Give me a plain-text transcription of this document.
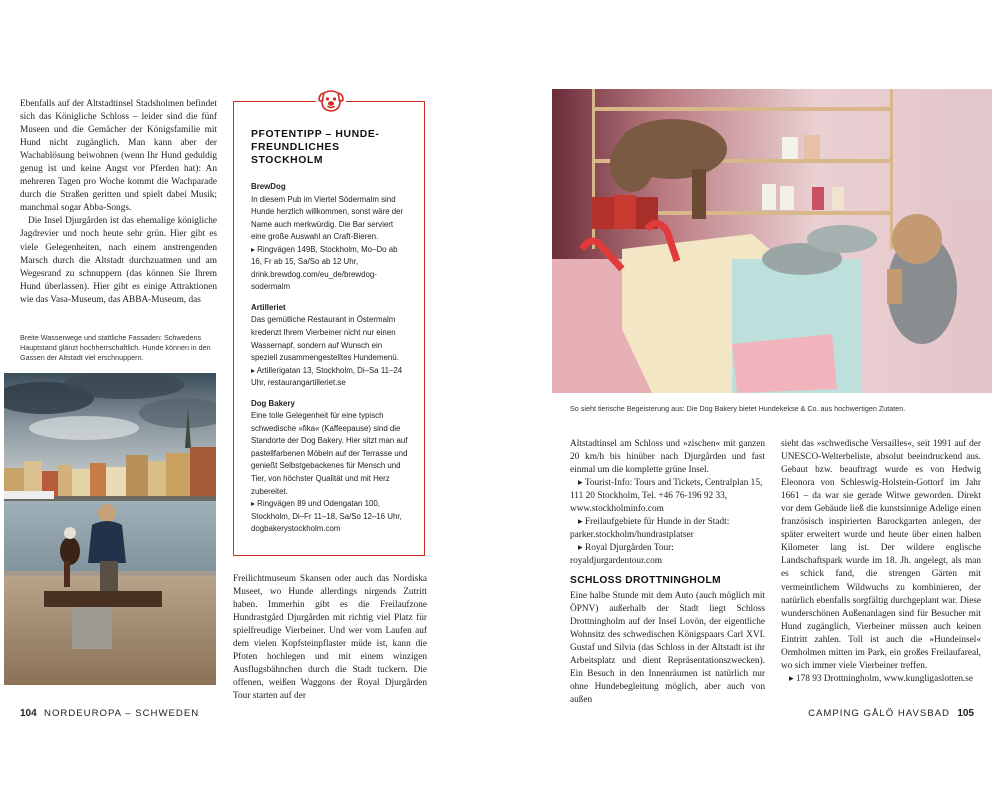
Ebenfalls auf der Altstadtinsel Stadsholmen befindet sich das Königliche Schloss – leider sind die fünf Museen und die Gemächer der Königsfamilie mit Hund nicht zugänglich. Man kann aber der Wachablösung beiwohnen (wenn Ihr Hund geduldig genug ist und keine Angst vor Pferden hat): An mehreren Tagen pro Woche kommt die Wachparade durch die Straßen geritten und spielt dabei Musik; manchmal sogar Abba-Songs.

Die Insel Djurgården ist das ehemalige königliche Jagdrevier und noch heute sehr grün. Hier gibt es viele Gelegenheiten, nach einem anstrengenden Marsch durch die Altstadt durchzuatmen und am Wegesrand zu schnuppern (das können Sie Ihrem Hund überlassen). Hier gibt es einige Attraktionen wie das Vasa-Museum, das ABBA-Museum, das

Breite Wasserwege und stattliche Fassaden: Schwedens Hauptstand glänzt hochherrschaftlich. Hunde können in den Gassen der Altstadt viel erschnuppern.

PFOTENTIPP – HUNDE-FREUNDLICHES STOCKHOLM

BrewDog

In diesem Pub im Viertel Södermalm sind Hunde herzlich willkommen, sonst wäre der Name auch merkwürdig. Die Bar serviert eine große Auswahl an Craft-Bieren.

▸ Ringvägen 149B, Stockholm, Mo–Do ab 16, Fr ab 15, Sa/So ab 12 Uhr, drink.brewdog.com/eu_de/brewdog-sodermalm

Artilleriet

Das gemütliche Restaurant in Östermalm kredenzt Ihrem Vierbeiner nicht nur einen Wassernapf, sondern auf Wunsch ein speziell zusammengestelltes Hundemenü.

▸ Artillerigatan 13, Stockholm, Di–Sa 11–24 Uhr, restaurangartilleriet.se

Dog Bakery

Eine tolle Gelegenheit für eine typisch schwedische »fika« (Kaffeepause) sind die Standorte der Dog Bakery. Hier sitzt man auf pastellfarbenen Möbeln auf der Terrasse und genießt Selbstgebackenes für Mensch und Tier, von höchster Qualität und mit Herz zubereitet.

▸ Ringvägen 89 und Odengatan 100, Stockholm, Di–Fr 11–18, Sa/So 12–16 Uhr, dogbakerystockholm.com

Freilichtmuseum Skansen oder auch das Nordiska Museet, wo Hunde allerdings nirgends Zutritt haben. Immerhin gibt es die Freilaufzone Hundrastgård Djurgården mit richtig viel Platz für spielfreudige Vierbeiner. Und wer vom Laufen auf dem vielen Kopfsteinpflaster müde ist, kann die Pfoten hochlegen und mit einem winzigen Ausflugsbähnchen durch die Stadt tuckern. Die offenen, weißen Waggons der Royal Djurgården Tour starten auf der

104 NORDEUROPA – SCHWEDEN

So sieht tierische Begeisterung aus: Die Dog Bakery bietet Hundekekse & Co. aus hochwertigen Zutaten.

Altstadtinsel am Schloss und »zischen« mit ganzen 20 km/h bis hinüber nach Djurgården und fast einmal um die komplette grüne Insel.

▸ Tourist-Info: Tours and Tickets, Centralplan 15, 111 20 Stockholm, Tel. +46 76-196 92 33, www.stockholminfo.com

▸ Freilaufgebiete für Hunde in der Stadt: parker.stockholm/hundrastplatser

▸ Royal Djurgården Tour: royaldjurgardentour.com

SCHLOSS DROTTNINGHOLM

Eine halbe Stunde mit dem Auto (auch möglich mit ÖPNV) außerhalb der Stadt liegt Schloss Drottningholm auf der Insel Lovön, der eigentliche Wohnsitz des schwedischen Königspaars Carl XVI. Gustaf und Silvia (das Schloss in der Altstadt ist ihr Arbeitsplatz und dient Repräsentationszwecken). Ein Besuch in den Innenräumen ist natürlich nur ohne Hundebegleitung möglich, aber auch von außen

sieht das »schwedische Versailles«, seit 1991 auf der UNESCO-Welterbeliste, absolut beeindruckend aus. Gebaut bzw. beauftragt wurde es von Hedwig Eleonora von Schleswig-Holstein-Gottorf im Jahr 1661 – da war sie gerade Witwe geworden. Direkt vor dem Gebäude ließ die kunstsinnige Adelige einen französisch inspirierten Barockgarten anlegen, der später erweitert wurde und heute über einen halben Kilometer lang ist. Der wildere englische Landschaftspark wurde im 18. Jh. angelegt, als man es schick fand, die strengen Gärten mit vermeintlichem Wildwuchs zu kombinieren, der natürlich ebenfalls sorgfältig durchgeplant war. Diese wunderschönen Außenanlagen sind für Besucher mit Hund zugänglich, Vierbeiner müssen auch keinen Eintritt zahlen. Toll ist auch die »Hundeinsel« Ormholmen mitten im Park, ein großes Freilaufareal, wo sich immer viele Vierbeiner treffen.

▸ 178 93 Drottningholm, www.kungligaslotten.se

CAMPING GÅLÖ HAVSBAD 105
